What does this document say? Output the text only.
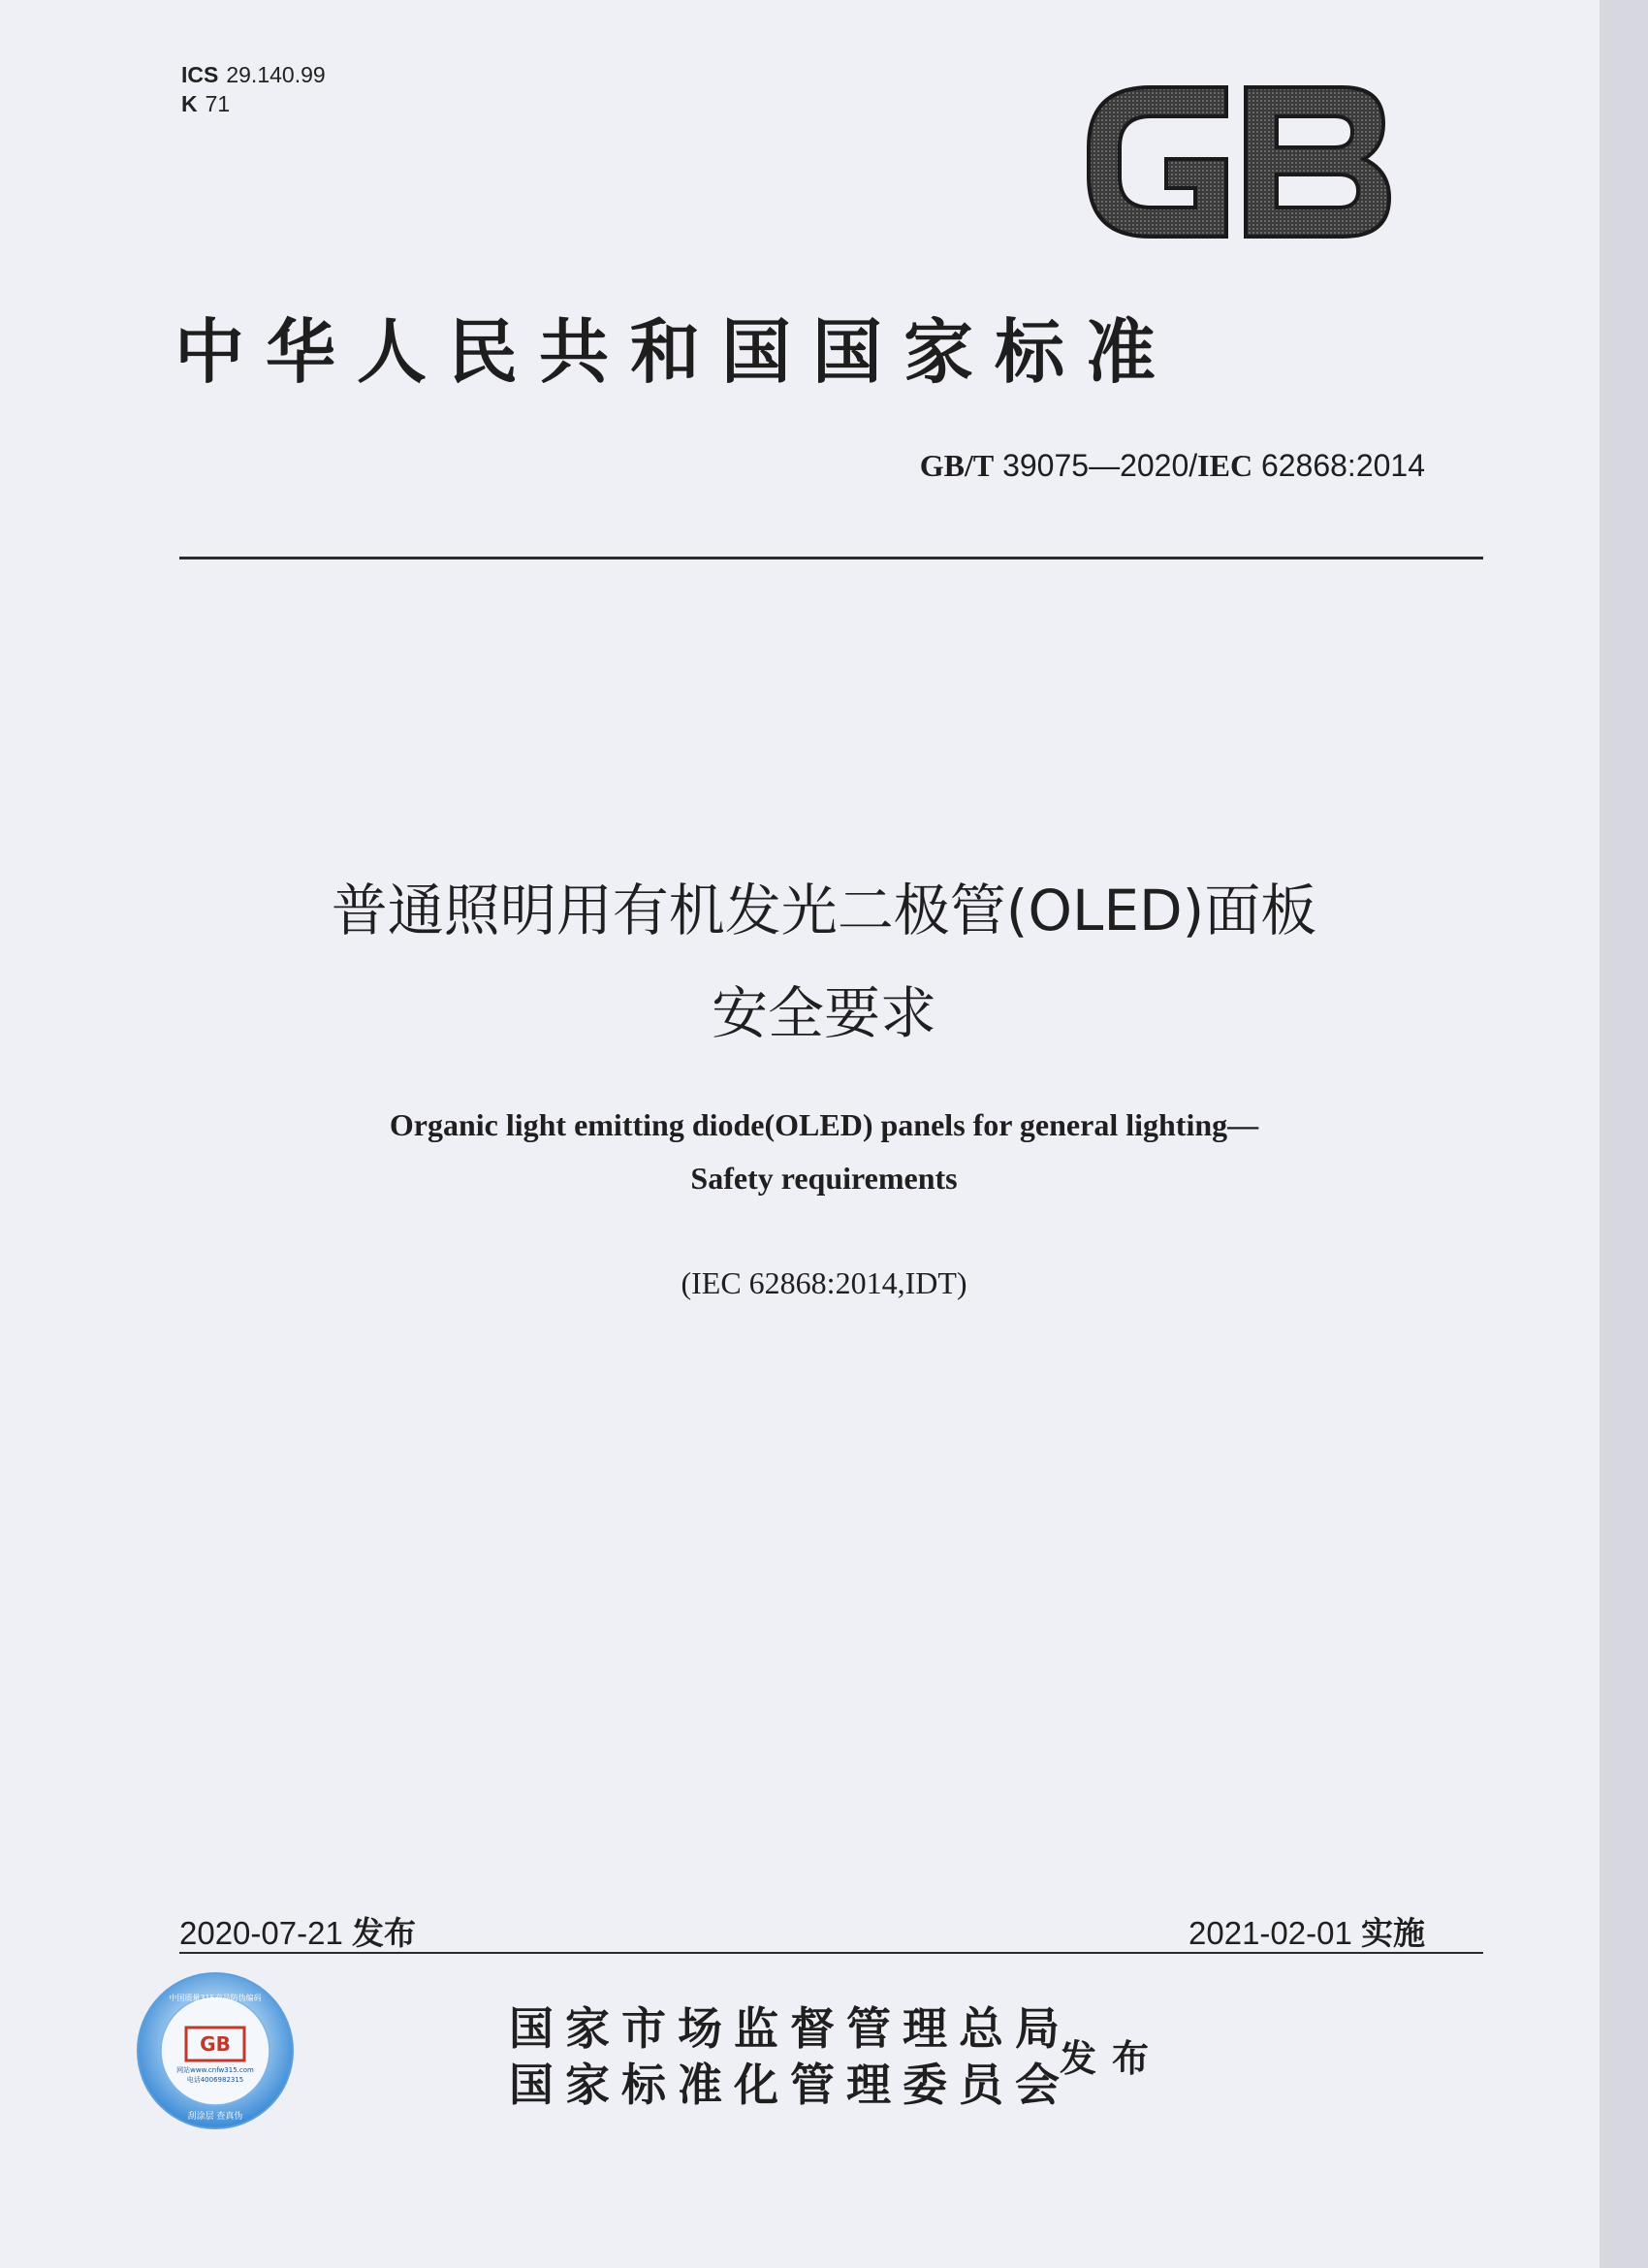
ICS 29.140.99
K 71
中华人民共和国国家标准
GB/T 39075—2020/IEC 62868:2014
普通照明用有机发光二极管(OLED)面板
安全要求
Organic light emitting diode(OLED) panels for general lighting—
Safety requirements
(IEC 62868:2014,IDT)
2020-07-21 发布	2021-02-01 实施
GB
网站www.cnfw315.com
电话4006982315
中国质量315产品防伪编码
刮涂层 查真伪
国家市场监督管理总局
国家标准化管理委员会
发布
